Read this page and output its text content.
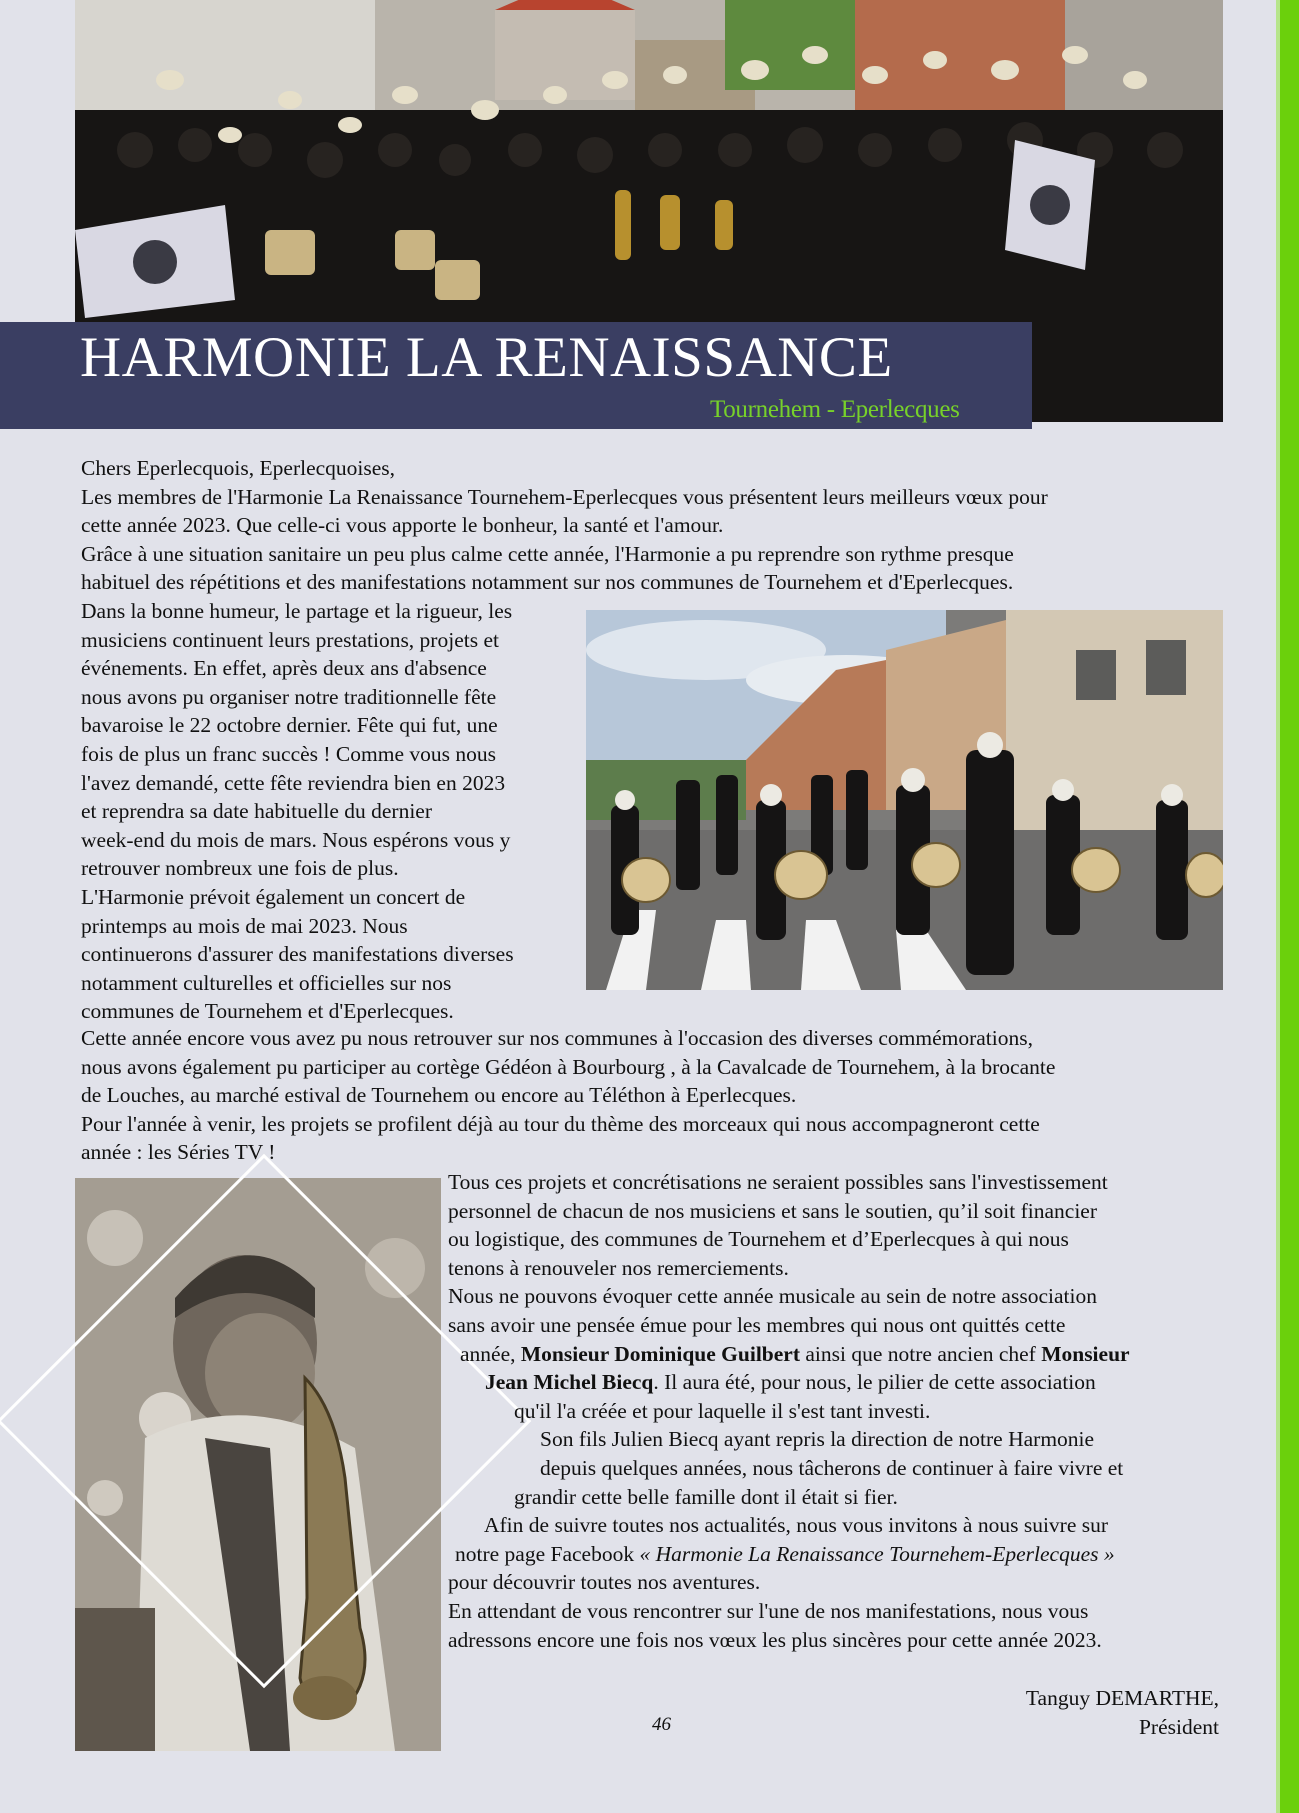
HARMONIE LA RENAISSANCE

Tournehem - Eperlecques

Chers Eperlecquois, Eperlecquoises,

Les membres de l'Harmonie La Renaissance Tournehem-Eperlecques vous présentent leurs meilleurs vœux pour

cette année 2023. Que celle-ci vous apporte le bonheur, la santé et l'amour.

Grâce à une situation sanitaire un peu plus calme cette année, l'Harmonie a pu reprendre son rythme presque

habituel des répétitions et des manifestations notamment sur nos communes de Tournehem et d'Eperlecques.

Dans la bonne humeur, le partage et la rigueur, les

musiciens continuent leurs prestations, projets et

événements. En effet, après deux ans d'absence

nous avons pu organiser notre traditionnelle fête

bavaroise le 22 octobre dernier. Fête qui fut, une

fois de plus un franc succès ! Comme vous nous

l'avez demandé, cette fête reviendra bien en 2023

et reprendra sa date habituelle du dernier

week-end du mois de mars. Nous espérons vous y

retrouver nombreux une fois de plus.

L'Harmonie prévoit également un concert de

printemps au mois de mai 2023. Nous

continuerons d'assurer des manifestations diverses

notamment culturelles et officielles sur nos

communes de Tournehem et d'Eperlecques.

Cette année encore vous avez pu nous retrouver sur nos communes à l'occasion des diverses commémorations,

nous avons également pu participer au cortège Gédéon à Bourbourg , à la Cavalcade de Tournehem, à la brocante

de Louches, au marché estival de Tournehem ou encore au Téléthon à Eperlecques.

Pour l'année à venir, les projets se profilent déjà au tour du thème des morceaux qui nous accompagneront cette

année : les Séries TV !

Tous ces projets et concrétisations ne seraient possibles sans l'investissement

personnel de chacun de nos musiciens et sans le soutien, qu’il soit financier

ou logistique, des communes de Tournehem et d’Eperlecques à qui nous

tenons à renouveler nos remerciements.

Nous ne pouvons évoquer cette année musicale au sein de notre association

sans avoir une pensée émue pour les membres qui nous ont quittés cette

année, Monsieur Dominique Guilbert ainsi que notre ancien chef Monsieur

Jean Michel Biecq. Il aura été, pour nous, le pilier de cette association

qu'il l'a créée et pour laquelle il s'est tant investi.

Son fils Julien Biecq ayant repris la direction de notre Harmonie

depuis quelques années, nous tâcherons de continuer à faire vivre et

grandir cette belle famille dont il était si fier.

Afin de suivre toutes nos actualités, nous vous invitons à nous suivre sur

notre page Facebook « Harmonie La Renaissance Tournehem-Eperlecques »

pour découvrir toutes nos aventures.

En attendant de vous rencontrer sur l'une de nos manifestations, nous vous

adressons encore une fois nos vœux les plus sincères pour cette année 2023.

Tanguy DEMARTHE,

Président

46
